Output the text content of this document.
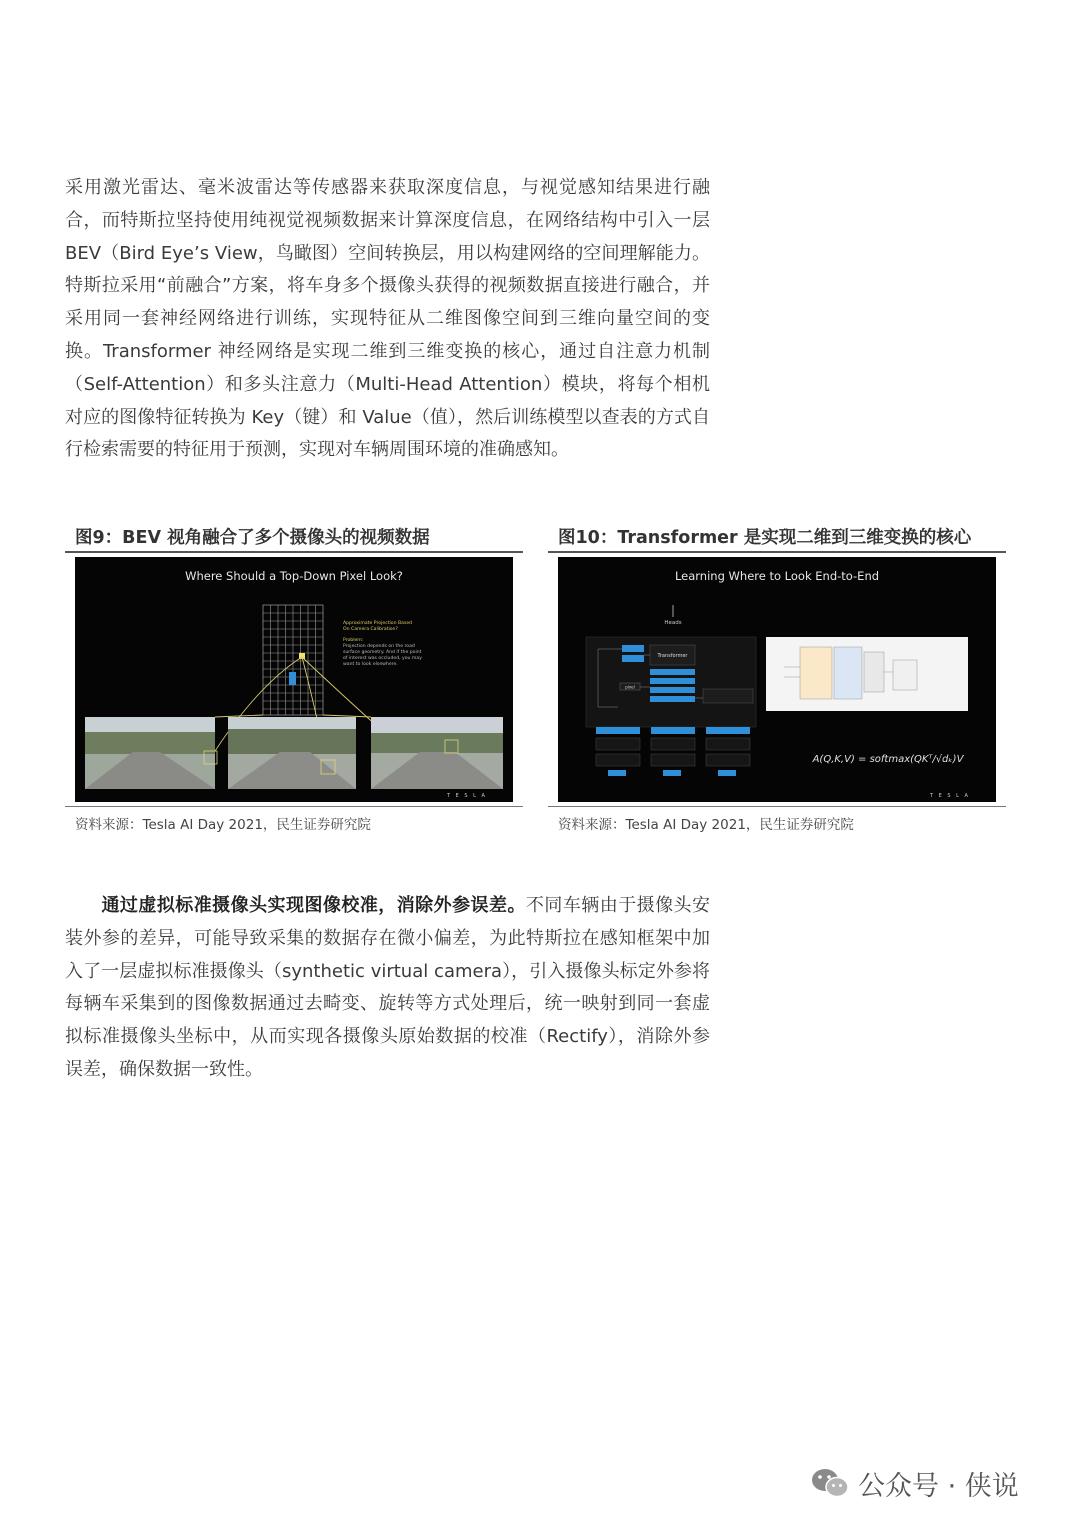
采用激光雷达、毫米波雷达等传感器来获取深度信息，与视觉感知结果进行融合，而特斯拉坚持使用纯视觉视频数据来计算深度信息，在网络结构中引入一层 BEV（Bird Eye’s View，鸟瞰图）空间转换层，用以构建网络的空间理解能力。特斯拉采用“前融合”方案，将车身多个摄像头获得的视频数据直接进行融合，并采用同一套神经网络进行训练，实现特征从二维图像空间到三维向量空间的变换。Transformer 神经网络是实现二维到三维变换的核心，通过自注意力机制（Self-Attention）和多头注意力（Multi-Head Attention）模块，将每个相机对应的图像特征转换为 Key（键）和 Value（值），然后训练模型以查表的方式自行检索需要的特征用于预测，实现对车辆周围环境的准确感知。

图9：BEV 视角融合了多个摄像头的视频数据
Where Should a Top-Down Pixel Look?
Approximate Projection Based
On Camera Calibration?
Problem:
Projection depends on the road
surface geometry. And if the point
of interest was occluded, you may
want to look elsewhere.
T E S L A
资料来源：Tesla AI Day 2021，民生证券研究院
图10：Transformer 是实现二维到三维变换的核心
Learning Where to Look End-to-End
Heads
Transformer
pixel
A(Q,K,V) = softmax(QKᵀ/√dₖ)V
T E S L A
资料来源：Tesla AI Day 2021，民生证券研究院

通过虚拟标准摄像头实现图像校准，消除外参误差。不同车辆由于摄像头安装外参的差异，可能导致采集的数据存在微小偏差，为此特斯拉在感知框架中加入了一层虚拟标准摄像头（synthetic virtual camera），引入摄像头标定外参将每辆车采集到的图像数据通过去畸变、旋转等方式处理后，统一映射到同一套虚拟标准摄像头坐标中，从而实现各摄像头原始数据的校准（Rectify），消除外参误差，确保数据一致性。

公众号 · 侠说
